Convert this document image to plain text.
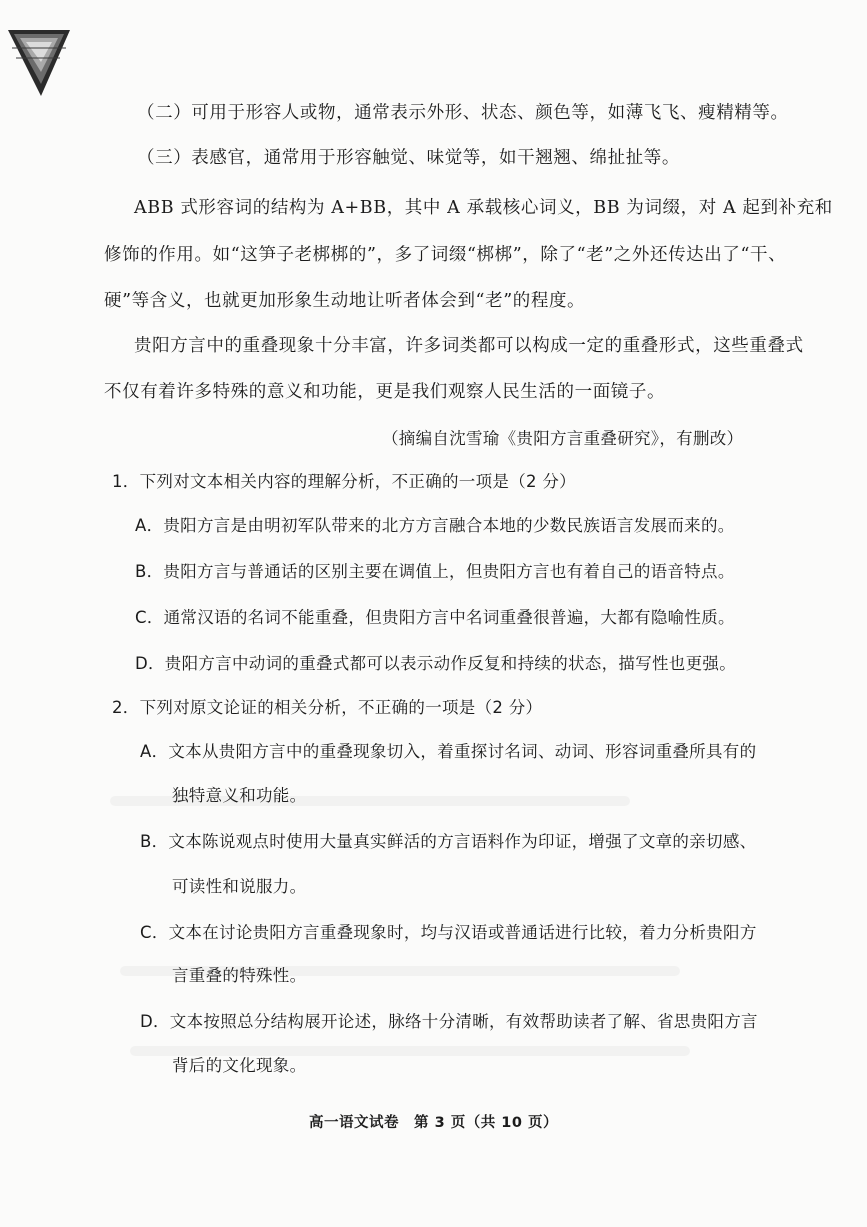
（二）可用于形容人或物，通常表示外形、状态、颜色等，如薄飞飞、瘦精精等。
（三）表感官，通常用于形容触觉、味觉等，如干翘翘、绵扯扯等。
ABB 式形容词的结构为 A+BB，其中 A 承载核心词义，BB 为词缀，对 A 起到补充和
修饰的作用。如“这笋子老梆梆的”，多了词缀“梆梆”，除了“老”之外还传达出了“干、
硬”等含义，也就更加形象生动地让听者体会到“老”的程度。
贵阳方言中的重叠现象十分丰富，许多词类都可以构成一定的重叠形式，这些重叠式
不仅有着许多特殊的意义和功能，更是我们观察人民生活的一面镜子。
（摘编自沈雪瑜《贵阳方言重叠研究》，有删改）
1．下列对文本相关内容的理解分析，不正确的一项是（2 分）
A．贵阳方言是由明初军队带来的北方方言融合本地的少数民族语言发展而来的。
B．贵阳方言与普通话的区别主要在调值上，但贵阳方言也有着自己的语音特点。
C．通常汉语的名词不能重叠，但贵阳方言中名词重叠很普遍，大都有隐喻性质。
D．贵阳方言中动词的重叠式都可以表示动作反复和持续的状态，描写性也更强。
2．下列对原文论证的相关分析，不正确的一项是（2 分）
A．文本从贵阳方言中的重叠现象切入，着重探讨名词、动词、形容词重叠所具有的
独特意义和功能。
B．文本陈说观点时使用大量真实鲜活的方言语料作为印证，增强了文章的亲切感、
可读性和说服力。
C．文本在讨论贵阳方言重叠现象时，均与汉语或普通话进行比较，着力分析贵阳方
言重叠的特殊性。
D．文本按照总分结构展开论述，脉络十分清晰，有效帮助读者了解、省思贵阳方言
背后的文化现象。
高一语文试卷　第 3 页（共 10 页）
